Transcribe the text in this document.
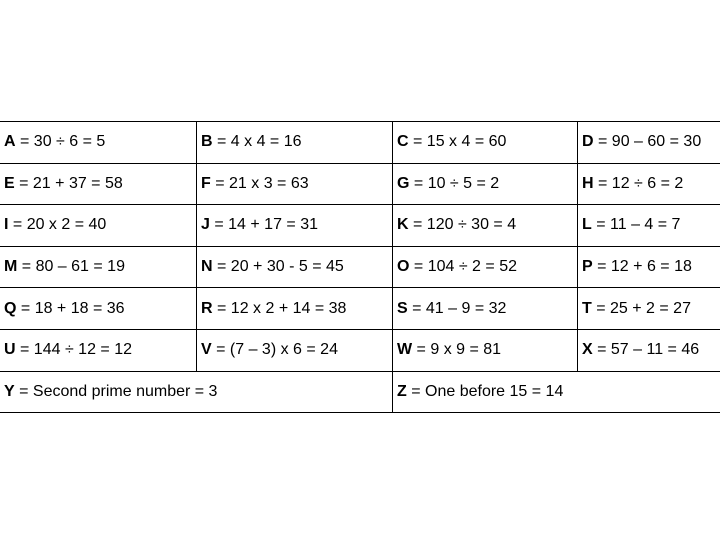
A = 30 ÷ 6 = 5	B = 4 x 4 = 16	C = 15 x 4 = 60	D = 90 – 60 = 30
E = 21 + 37 = 58	F = 21 x 3 = 63	G = 10 ÷ 5 = 2	H = 12 ÷ 6 = 2
I = 20 x 2 = 40	J = 14 + 17 = 31	K = 120 ÷ 30 = 4	L = 11 – 4 = 7
M = 80 – 61 = 19	N = 20 + 30 - 5 = 45	O = 104 ÷ 2 = 52	P = 12 + 6 = 18
Q = 18 + 18 = 36	R = 12 x 2 + 14 = 38	S = 41 – 9 = 32	T = 25 + 2 = 27
U = 144 ÷ 12 = 12	V = (7 – 3) x 6 = 24	W = 9 x 9 = 81	X = 57 – 11 = 46
Y = Second prime number = 3		Z = One before 15 = 14	
